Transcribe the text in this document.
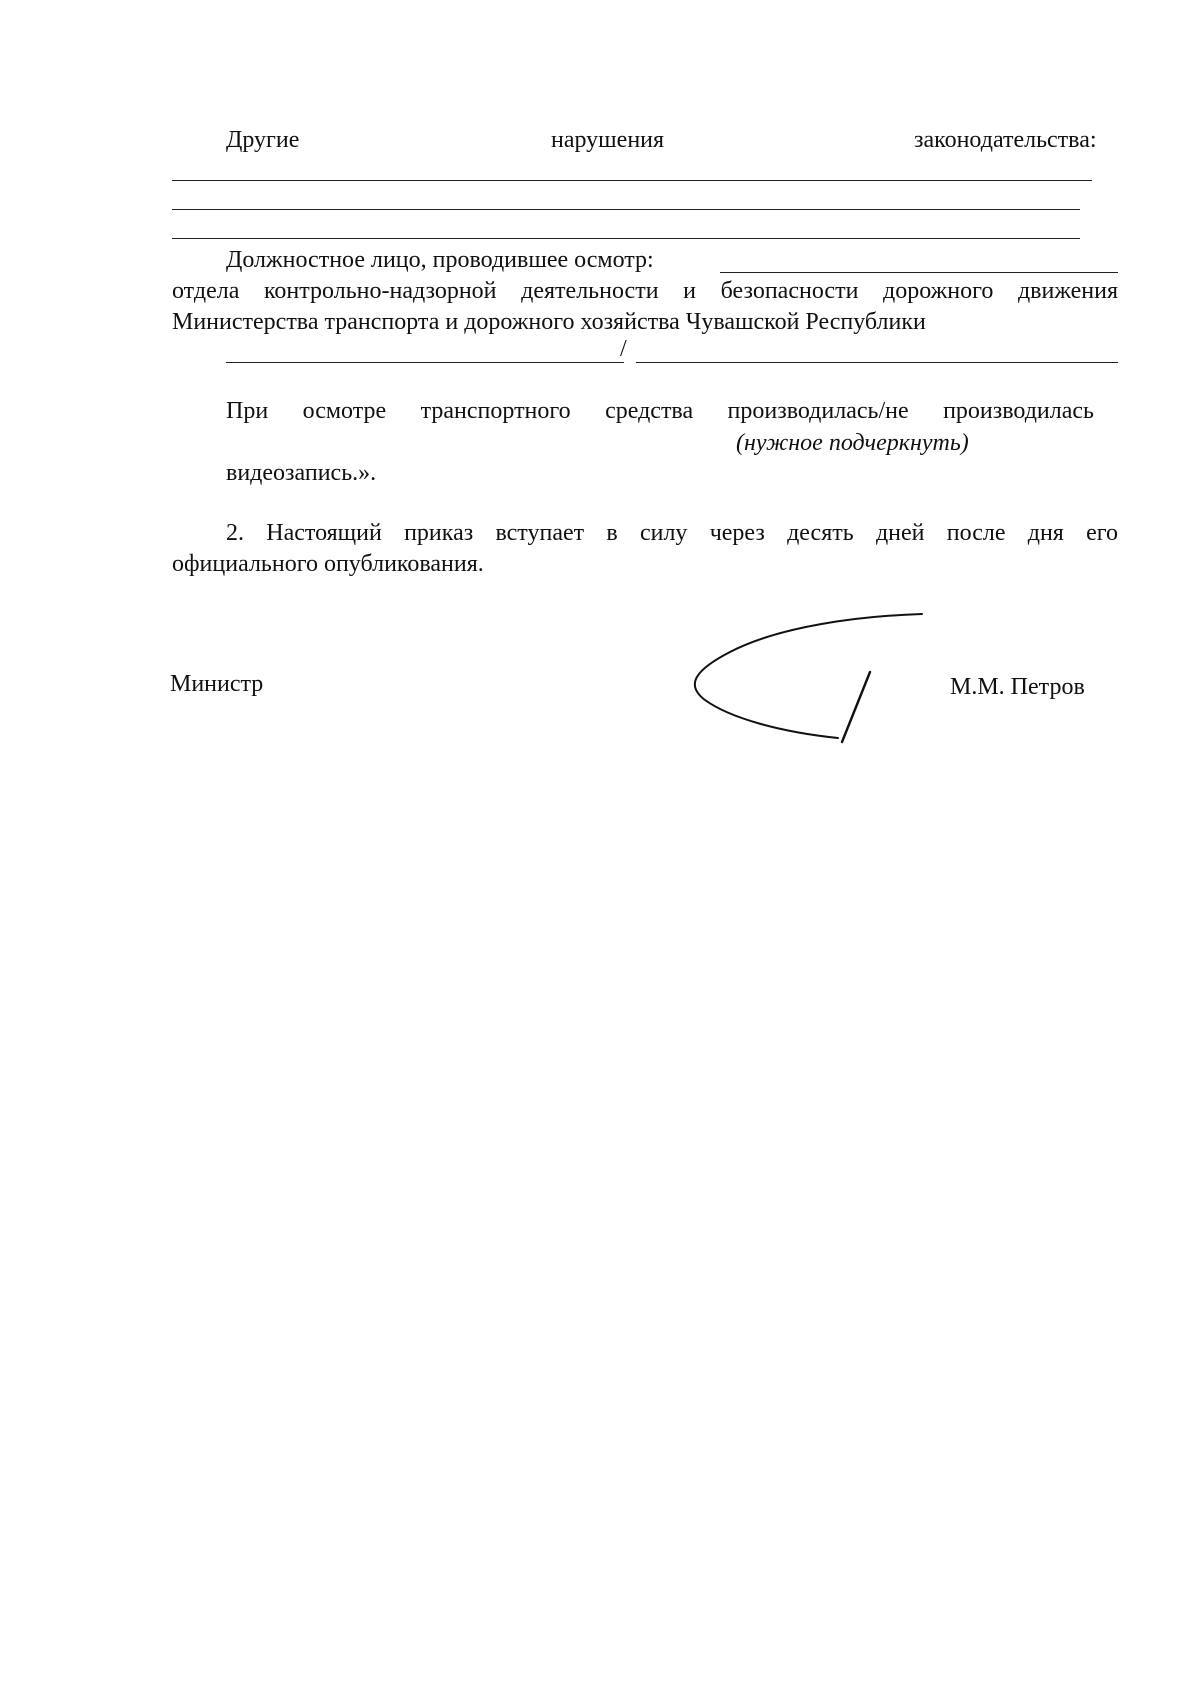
Другие	нарушения	законодательства:
Должностное лицо, проводившее осмотр:
отдела контрольно-надзорной деятельности и безопасности дорожного движения
Министерства транспорта и дорожного хозяйства Чувашской Республики
/
При осмотре транспортного средства производилась/не производилась
(нужное подчеркнуть)
видеозапись.».
2. Настоящий приказ вступает в силу через десять дней после дня его
официального опубликования.
Министр	М.М. Петров
